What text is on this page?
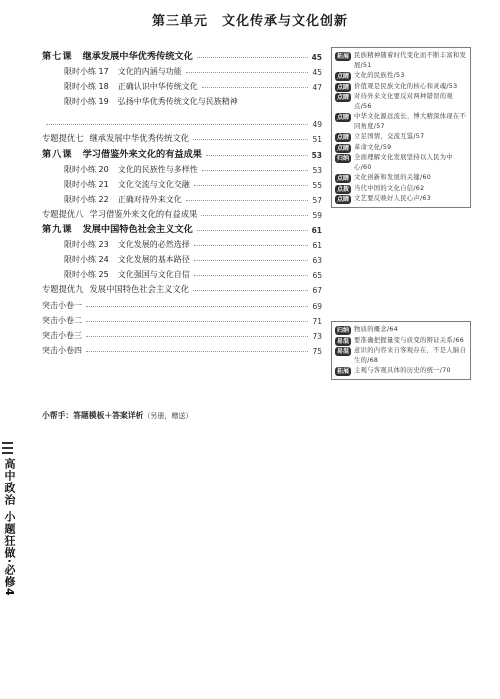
第三单元　文化传承与文化创新
第七课 继承发展中华优秀传统文化	45
限时小练 17 文化的内涵与功能	45
限时小练 18 正确认识中华传统文化	47
限时小练 19 弘扬中华优秀传统文化与民族精神
49
专题提优七 继承发展中华优秀传统文化	51
第八课 学习借鉴外来文化的有益成果	53
限时小练 20 文化的民族性与多样性	53
限时小练 21 文化交流与文化交融	55
限时小练 22 正确对待外来文化	57
专题提优八 学习借鉴外来文化的有益成果	59
第九课 发展中国特色社会主义文化	61
限时小练 23 文化发展的必然选择	61
限时小练 24 文化发展的基本路径	63
限时小练 25 文化强国与文化自信	65
专题提优九 发展中国特色社会主义文化	67
突击小卷一	69
突击小卷二	71
突击小卷三	73
突击小卷四	75
拓展 民族精神随着时代变化而不断丰富和发展/51
点睛 文化的民族性/53
点睛 价值观是民族文化的核心和灵魂/53
点睛 对待外来文化要反对两种错误的观点/56
点睛 中华文化源远流长、博大精深体现在不同角度/57
点睛 立足国情，交流互鉴/57
点睛 革命文化/59
归纳 全面理解文化发展坚持以人民为中心/60
点睛 文化创新和发展的关键/60
点拨 当代中国的文化自信/62
点睛 文艺要反映好人民心声/63
归纳 物质的概念/64
易混 要准确把握量变与质变的辩证关系/66
易混 意识的内容来自客观存在，不是人脑自生的/68
拓展 主观与客观具体的历史的统一/70
小帮手：答题模板＋答案详析（另册，赠送）
高中政治 小题狂做·必修4
